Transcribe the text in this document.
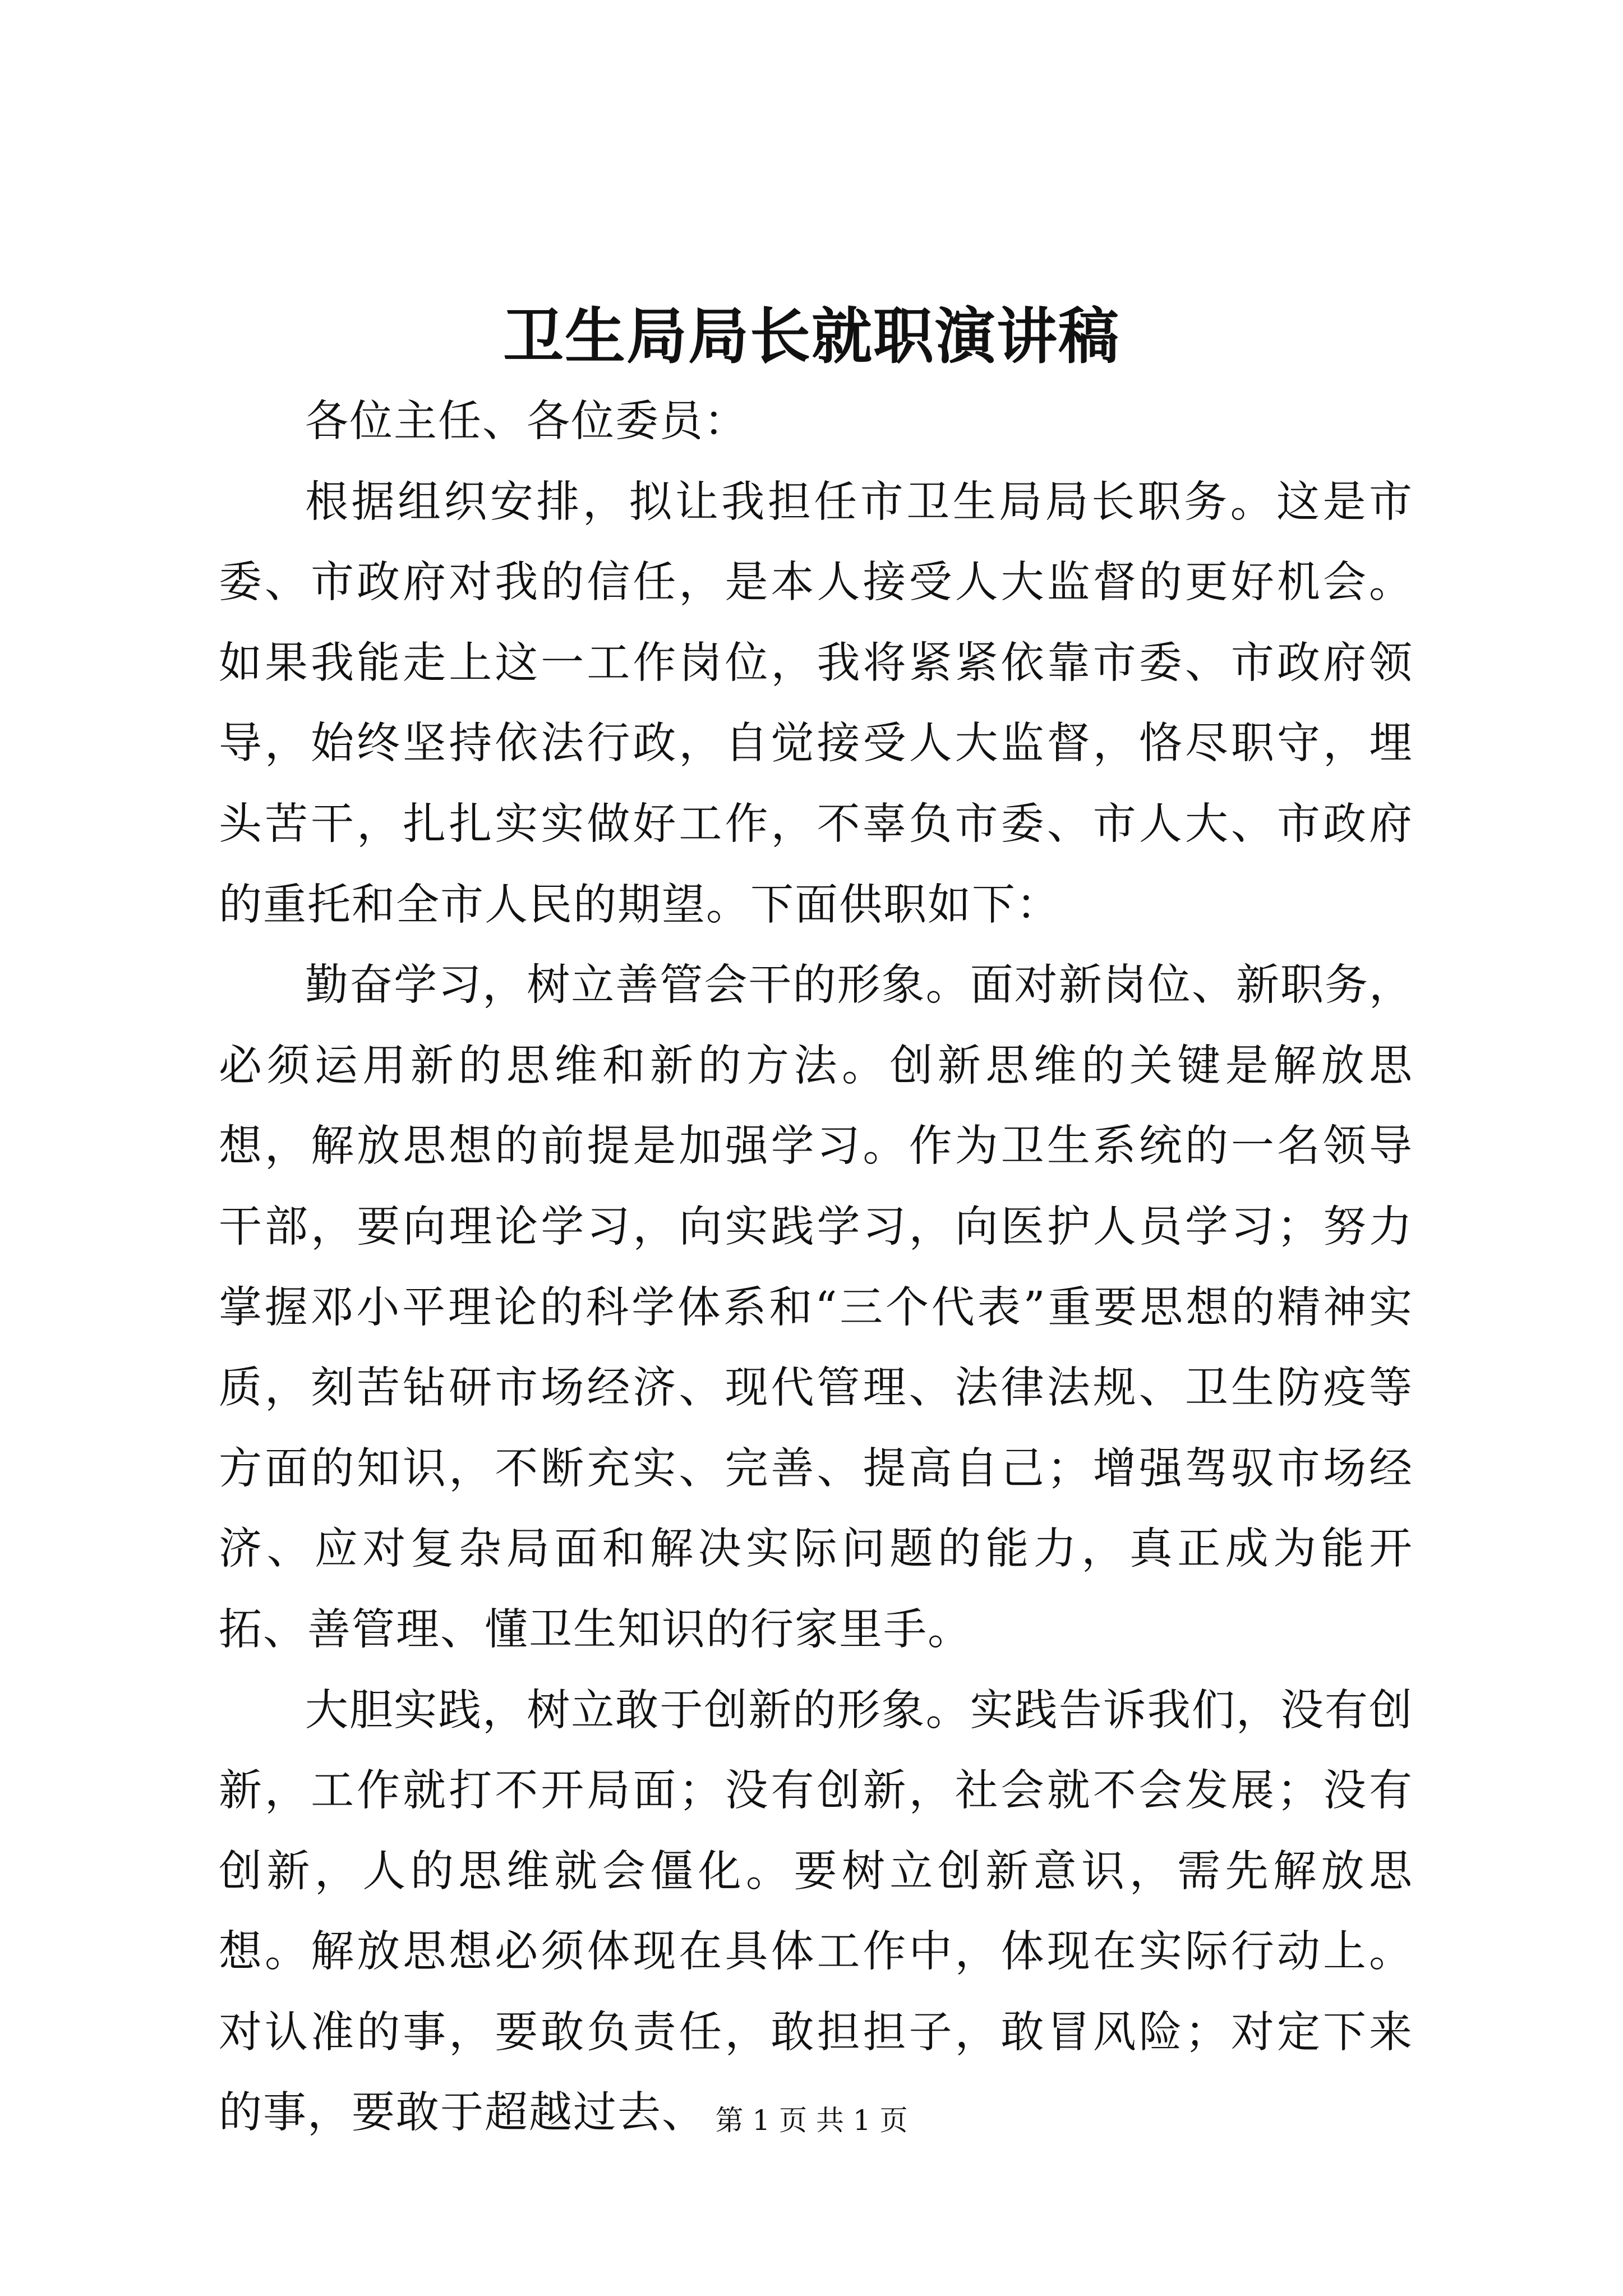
卫生局局长就职演讲稿

各位主任、各位委员：

根据组织安排，拟让我担任市卫生局局长职务。这是市委、市政府对我的信任，是本人接受人大监督的更好机会。如果我能走上这一工作岗位，我将紧紧依靠市委、市政府领导，始终坚持依法行政，自觉接受人大监督，恪尽职守，埋头苦干，扎扎实实做好工作，不辜负市委、市人大、市政府的重托和全市人民的期望。下面供职如下：

勤奋学习，树立善管会干的形象。面对新岗位、新职务，必须运用新的思维和新的方法。创新思维的关键是解放思想，解放思想的前提是加强学习。作为卫生系统的一名领导干部，要向理论学习，向实践学习，向医护人员学习；努力掌握邓小平理论的科学体系和“三个代表”重要思想的精神实质，刻苦钻研市场经济、现代管理、法律法规、卫生防疫等方面的知识，不断充实、完善、提高自己；增强驾驭市场经济、应对复杂局面和解决实际问题的能力，真正成为能开拓、善管理、懂卫生知识的行家里手。

大胆实践，树立敢于创新的形象。实践告诉我们，没有创新，工作就打不开局面；没有创新，社会就不会发展；没有创新，人的思维就会僵化。要树立创新意识，需先解放思想。解放思想必须体现在具体工作中，体现在实际行动上。对认准的事，要敢负责任，敢担担子，敢冒风险；对定下来的事，要敢于超越过去、 第 1 页 共 1 页
